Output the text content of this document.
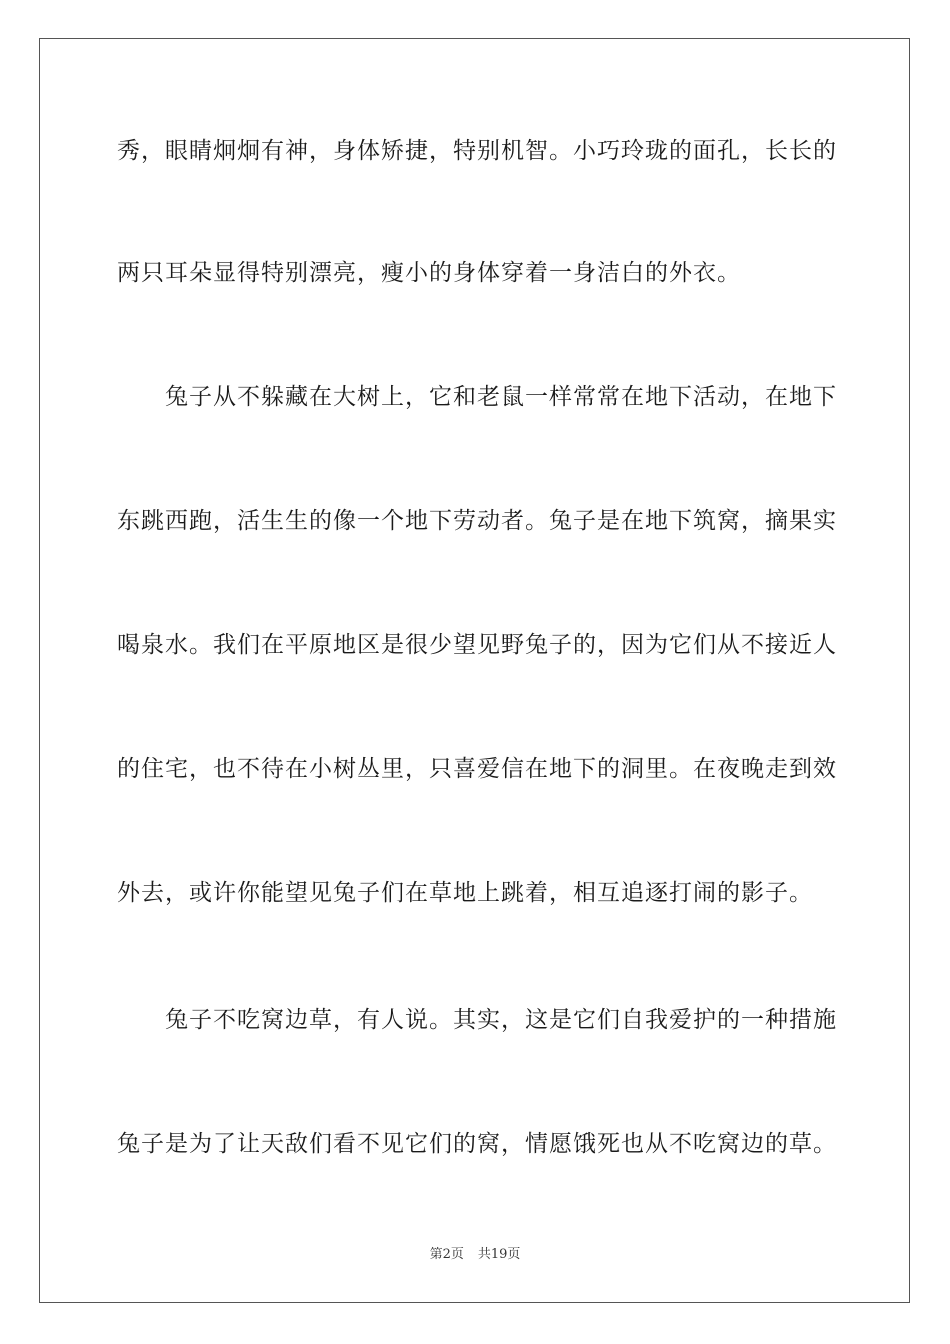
秀，眼睛炯炯有神，身体矫捷，特别机智。小巧玲珑的面孔，长长的
两只耳朵显得特别漂亮，瘦小的身体穿着一身洁白的外衣。
　　兔子从不躲藏在大树上，它和老鼠一样常常在地下活动，在地下
东跳西跑，活生生的像一个地下劳动者。兔子是在地下筑窝，摘果实
喝泉水。我们在平原地区是很少望见野兔子的，因为它们从不接近人
的住宅，也不待在小树丛里，只喜爱信在地下的洞里。在夜晚走到效
外去，或许你能望见兔子们在草地上跳着，相互追逐打闹的影子。
　　兔子不吃窝边草，有人说。其实，这是它们自我爱护的一种措施
兔子是为了让天敌们看不见它们的窝，情愿饿死也从不吃窝边的草。
第2页 共19页
